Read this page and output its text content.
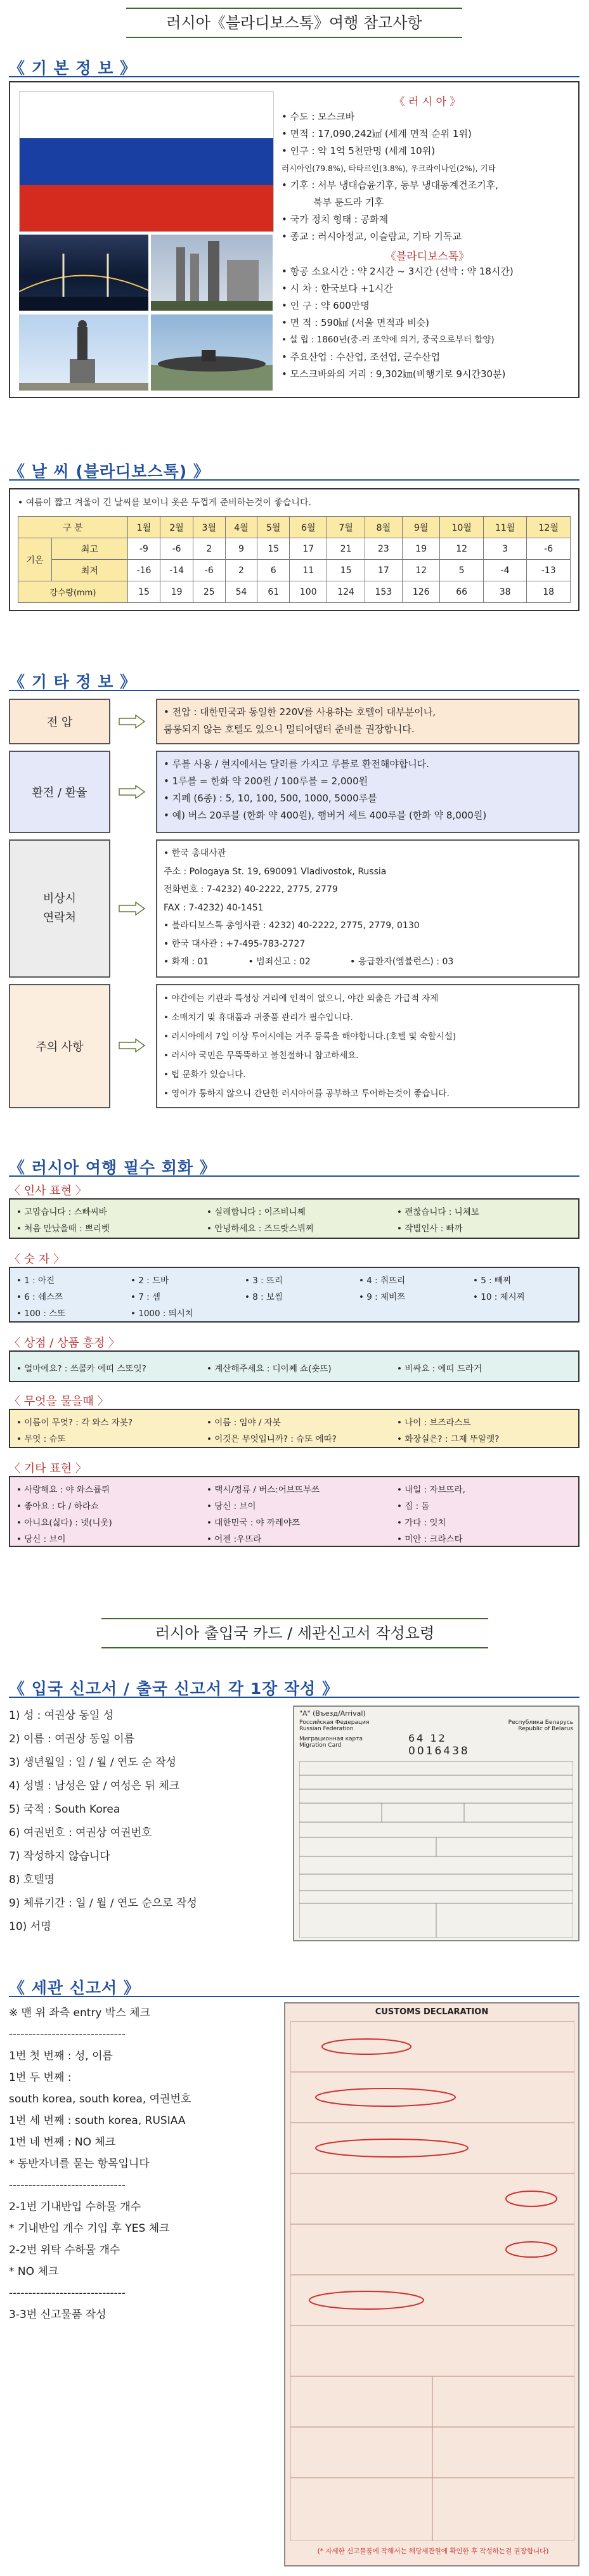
러시아《블라디보스톡》여행 참고사항
《 기 본 정 보 》
《 러 시 아 》
• 수도 : 모스크바
• 면적 : 17,090,242㎢ (세계 면적 순위 1위)
• 인구 : 약 1억 5천만명 (세계 10위)
러시아인(79.8%), 타타르인(3.8%), 우크라이나인(2%), 기타
• 기후 : 서부 냉대습윤기후, 동부 냉대동계건조기후,
북부 툰드라 기후
• 국가 정치 형태 : 공화제
• 종교 : 러시아정교, 이슬람교, 기타 기독교
《블라디보스톡》
• 항공 소요시간 : 약 2시간 ~ 3시간 (선박 : 약 18시간)
• 시 차 : 한국보다 +1시간
• 인 구 : 약 600만명
• 면 적 : 590㎢ (서울 면적과 비슷)
• 설 립 : 1860년(중-러 조약에 의거, 중국으로부터 할양)
• 주요산업 : 수산업, 조선업, 군수산업
• 모스크바와의 거리 : 9,302㎞(비행기로 9시간30분)
《 날 씨 (블라디보스톡) 》
• 여름이 짧고 겨울이 긴 날씨를 보이니 옷은 두껍게 준비하는것이 좋습니다.
구 분		1월	2월	3월	4월	5월	6월	7월	8월	9월	10월	11월	12월
기온	최고	-9	-6	2	9	15	17	21	23	19	12	3	-6
	최저	-16	-14	-6	2	6	11	15	17	12	5	-4	-13
강수량(mm)		15	19	25	54	61	100	124	153	126	66	38	18
《 기 타 정 보 》
전 압
• 전압 : 대한민국과 동일한 220V를 사용하는 호텔이 대부분이나,
룸롱되지 않는 호텔도 있으니 멀티어댑터 준비를 권장합니다.
환전 / 환율
• 루블 사용 / 현지에서는 달러를 가지고 루블로 환전해야합니다.
• 1루블 = 한화 약 200원 / 100루블 = 2,000원
• 지폐 (6종) : 5, 10, 100, 500, 1000, 5000루블
• 예) 버스 20루블 (한화 약 400원), 햄버거 세트 400루블 (한화 약 8,000원)
비상시
연락처
• 한국 총대사관
주소 : Pologaya St. 19, 690091 Vladivostok, Russia
전화번호 : 7-4232) 40-2222, 2775, 2779
FAX : 7-4232) 40-1451
• 블라디보스톡 총영사관 : 4232) 40-2222, 2775, 2779, 0130
• 한국 대사관 : +7-495-783-2727
• 화재 : 01              • 범죄신고 : 02              • 응급환자(엠뷸런스) : 03
주의 사항
• 야간에는 키관과 특성상 거리에 인적이 없으니, 야간 외출은 가급적 자제
• 소매치기 및 휴대품과 귀중품 관리가 필수입니다.
• 러시아에서 7일 이상 투어시에는 거주 등록을 해야합니다.(호텔 및 숙할시설)
• 러시아 국민은 무뚝뚝하고 불친절하니 참고하세요.
• 팁 문화가 있습니다.
• 영어가 통하지 않으니 간단한 러시아어를 공부하고 투어하는것이 좋습니다.
《 러시아 여행 필수 회화 》
〈 인사 표현 〉
• 고맙습니다 : 스빠씨바	• 실례합니다 : 이즈비니쩨	• 괜찮습니다 : 니체보
• 처음 만났을때 : 쁘리벳	• 안녕하세요 : 즈드랏스뷔찌	• 작별인사 : 빠까
〈 숫 자 〉
• 1 : 아진	• 2 : 드바	• 3 : 뜨리	• 4 : 취뜨리	• 5 : 빼찌
• 6 : 쉐스쯔	• 7 : 셈	• 8 : 보씸	• 9 : 제비쯔	• 10 : 제시찌
• 100 : 스또	• 1000 : 띄시치
〈 상점 / 상품 흥정 〉
• 얼마에요? : 쓰콜카 에띠 스또잇?	• 계산해주세요 : 디이쩨 쇼(숏뜨)	• 비싸요 : 에띠 드라거
〈 무엇을 물을때 〉
• 이름이 무엇? : 각 와스 자봇?	• 이름 : 임야 / 자봇	• 나이 : 브즈라스트
• 무엇 : 슈또	• 이것은 무엇입니까? : 슈또 에따?	• 화장실은? : 그제 뚜알렛?
〈 기타 표현 〉
• 사랑해요 : 야 와스륩뤼	• 택시/정류 / 버스:어브뜨부쓰	• 내일 : 자브뜨라,
• 좋아요 : 다 / 하라쇼	• 당신 : 브이	• 집 : 돔
• 아니요(싫다) : 넷(니웃)	• 대한민국 : 야 까레야쯔	• 가다 : 잇치
• 당신 : 브이	• 어젠 :우뜨라	• 미안 : 크라스타
러시아 출입국 카드 / 세관신고서 작성요령
《 입국 신고서 / 출국 신고서 각 1장 작성 》
1) 성 : 여권상 동일 성
2) 이름 : 여권상 동일 이름
3) 생년월일 : 일 / 월 / 연도 순 작성
4) 성별 : 남성은 앞 / 여성은 뒤 체크
5) 국적 : South Korea
6) 여권번호 : 여권상 여권번호
7) 작성하지 않습니다
8) 호텔명
9) 체류기간 : 일 / 월 / 연도 순으로 작성
10) 서명
"A" (Въезд/Arrival)
Российская Федерация
Russian Federation
Республика Беларусь
Republic of Belarus
Миграционная карта
Migration Card
64 12
0016438
《 세관 신고서 》
※ 맨 위 좌측 entry 박스 체크
------------------------------
1번 첫 번째 : 성, 이름
1번 두 번째 :
south korea, south korea, 여권번호
1번 세 번째 : south korea, RUSIAA
1번 네 번째 : NO 체크
* 동반자녀를 묻는 항목입니다
------------------------------
2-1번 기내반입 수하물 개수
* 기내반입 개수 기입 후 YES 체크
2-2번 위탁 수하물 개수
* NO 체크
------------------------------
3-3번 신고물품 작성
CUSTOMS DECLARATION
(* 자세한 신고물품에 작해서는 해당세관원에 확인한 후 작성하는걸 권장합니다)
